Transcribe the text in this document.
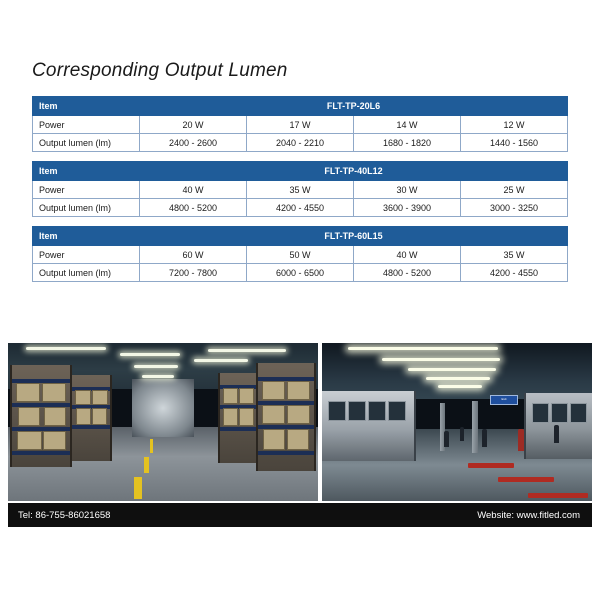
Corresponding Output Lumen
Item	FLT-TP-20L6			
Power	20 W	17 W	14 W	12 W
Output lumen (lm)	2400 - 2600	2040 - 2210	1680 - 1820	1440 - 1560
Item	FLT-TP-40L12			
Power	40 W	35 W	30 W	25 W
Output lumen (lm)	4800 - 5200	4200 - 4550	3600 - 3900	3000 - 3250
Item	FLT-TP-60L15			
Power	60 W	50 W	40 W	35 W
Output lumen (lm)	7200 - 7800	6000 - 6500	4800 - 5200	4200 - 4550
Exit
Tel: 86-755-86021658	Website: www.fitled.com
